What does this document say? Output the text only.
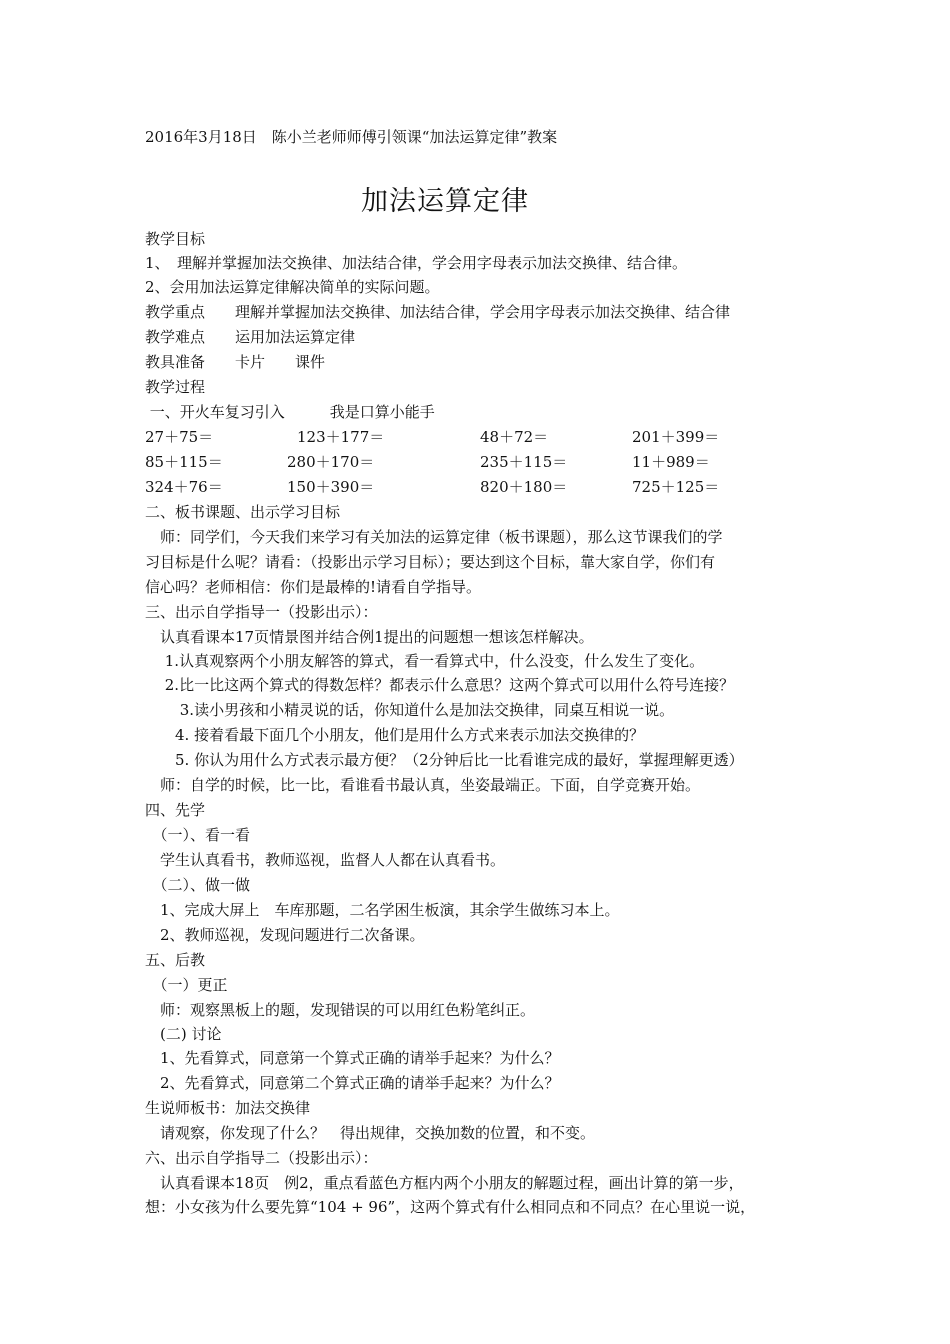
2016年3月18日　陈小兰老师师傅引领课“加法运算定律”教案
加法运算定律
教学目标
1、　理解并掌握加法交换律、加法结合律，学会用字母表示加法交换律、结合律。
2、会用加法运算定律解决简单的实际问题。
教学重点　　理解并掌握加法交换律、加法结合律，学会用字母表示加法交换律、结合律
教学难点　　运用加法运算定律
教具准备　　卡片　　课件
教学过程
一、开火车复习引入　　　我是口算小能手
27＋75＝	123＋177＝	48＋72＝	201＋399＝
85＋115＝	280＋170＝	235＋115＝	11＋989＝
324＋76＝	150＋390＝	820＋180＝	725＋125＝
二、板书课题、出示学习目标
　师：同学们，今天我们来学习有关加法的运算定律（板书课题），那么这节课我们的学
习目标是什么呢？请看：（投影出示学习目标）；要达到这个目标，靠大家自学，你们有
信心吗？老师相信：你们是最棒的!请看自学指导。
三、出示自学指导一（投影出示）：
　认真看课本17页情景图并结合例1提出的问题想一想该怎样解决。
　 1.认真观察两个小朋友解答的算式，看一看算式中，什么没变，什么发生了变化。
　 2.比一比这两个算式的得数怎样？都表示什么意思？这两个算式可以用什么符号连接？
　　 3.读小男孩和小精灵说的话，你知道什么是加法交换律，同桌互相说一说。
　　4. 接着看最下面几个小朋友，他们是用什么方式来表示加法交换律的？
　　5. 你认为用什么方式表示最方便？（2分钟后比一比看谁完成的最好，掌握理解更透）
　师：自学的时候，比一比，看谁看书最认真，坐姿最端正。下面，自学竞赛开始。
四、先学
　（一）、看一看
　学生认真看书，教师巡视，监督人人都在认真看书。
　（二）、做一做
　1、完成大屏上　车库那题，二名学困生板演，其余学生做练习本上。
　2、教师巡视，发现问题进行二次备课。
五、后教
　（一）更正
　师：观察黑板上的题，发现错误的可以用红色粉笔纠正。
　(二) 讨论
　1、先看算式，同意第一个算式正确的请举手起来？为什么？
　2、先看算式，同意第二个算式正确的请举手起来？为什么？
生说师板书：加法交换律
　请观察，你发现了什么？　得出规律，交换加数的位置，和不变。
六、出示自学指导二（投影出示）：
　认真看课本18页　例2，重点看蓝色方框内两个小朋友的解题过程，画出计算的第一步，
想：小女孩为什么要先算“104 + 96”，这两个算式有什么相同点和不同点？在心里说一说，
